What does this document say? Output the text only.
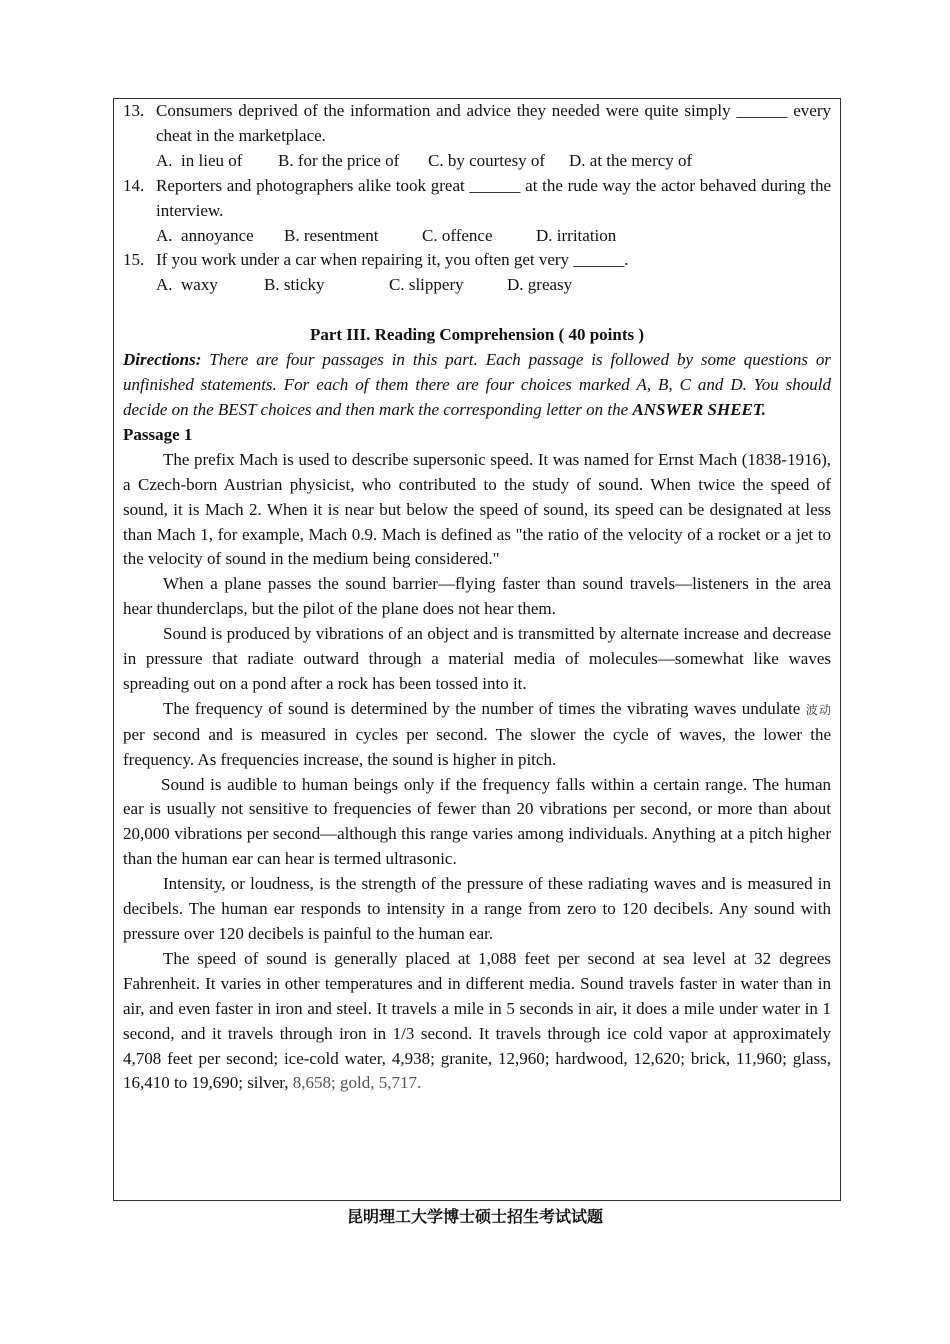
13. Consumers deprived of the information and advice they needed were quite simply ______ every cheat in the marketplace.
A.  in lieu of B. for the price of C. by courtesy of D. at the mercy of
14. Reporters and photographers alike took great ______ at the rude way the actor behaved during the interview.
A.  annoyance B. resentment	C. offence	D. irritation
15. If you work under a car when repairing it, you often get very ______.
A.  waxy	B. sticky	C. slippery	D. greasy
Part III. Reading Comprehension ( 40 points )
Directions: There are four passages in this part. Each passage is followed by some questions or unfinished statements. For each of them there are four choices marked A, B, C and D. You should decide on the BEST choices and then mark the corresponding letter on the ANSWER SHEET.
Passage 1

The prefix Mach is used to describe supersonic speed. It was named for Ernst Mach (1838-1916), a Czech-born Austrian physicist, who contributed to the study of sound. When twice the speed of sound, it is Mach 2. When it is near but below the speed of sound, its speed can be designated at less than Mach 1, for example, Mach 0.9. Mach is defined as "the ratio of the velocity of a rocket or a jet to the velocity of sound in the medium being considered."

When a plane passes the sound barrier—flying faster than sound travels—listeners in the area hear thunderclaps, but the pilot of the plane does not hear them.

Sound is produced by vibrations of an object and is transmitted by alternate increase and decrease in pressure that radiate outward through a material media of molecules—somewhat like waves spreading out on a pond after a rock has been tossed into it.

The frequency of sound is determined by the number of times the vibrating waves undulate 波动 per second and is measured in cycles per second. The slower the cycle of waves, the lower the frequency. As frequencies increase, the sound is higher in pitch.

Sound is audible to human beings only if the frequency falls within a certain range. The human ear is usually not sensitive to frequencies of fewer than 20 vibrations per second, or more than about 20,000 vibrations per second—although this range varies among individuals. Anything at a pitch higher than the human ear can hear is termed ultrasonic.

Intensity, or loudness, is the strength of the pressure of these radiating waves and is measured in decibels. The human ear responds to intensity in a range from zero to 120 decibels. Any sound with pressure over 120 decibels is painful to the human ear.

The speed of sound is generally placed at 1,088 feet per second at sea level at 32 degrees Fahrenheit. It varies in other temperatures and in different media. Sound travels faster in water than in air, and even faster in iron and steel. It travels a mile in 5 seconds in air, it does a mile under water in 1 second, and it travels through iron in 1/3 second. It travels through ice cold vapor at approximately 4,708 feet per second; ice-cold water, 4,938; granite, 12,960; hardwood, 12,620; brick, 11,960; glass, 16,410 to 19,690; silver, 8,658; gold, 5,717.

昆明理工大学博士硕士招生考试试题
